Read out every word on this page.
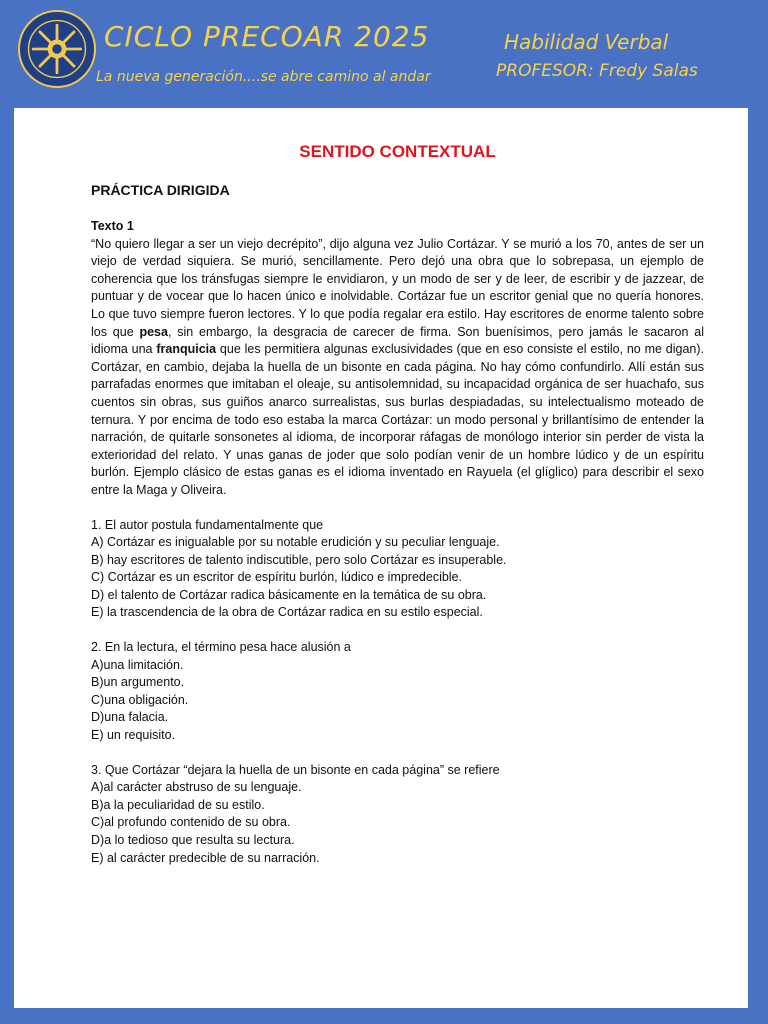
CICLO PRECOAR 2025
La nueva generación....se abre camino al andar
Habilidad Verbal
PROFESOR: Fredy Salas
SENTIDO CONTEXTUAL
PRÁCTICA DIRIGIDA

Texto 1

“No quiero llegar a ser un viejo decrépito”, dijo alguna vez Julio Cortázar. Y se murió a los 70, antes de ser un viejo de verdad siquiera. Se murió, sencillamente. Pero dejó una obra que lo sobrepasa, un ejemplo de coherencia que los tránsfugas siempre le envidiaron, y un modo de ser y de leer, de escribir y de jazzear, de puntuar y de vocear que lo hacen único e inolvidable. Cortázar fue un escritor genial que no quería honores. Lo que tuvo siempre fueron lectores. Y lo que podía regalar era estilo. Hay escritores de enorme talento sobre los que pesa, sin embargo, la desgracia de carecer de firma. Son buenísimos, pero jamás le sacaron al idioma una franquicia que les permitiera algunas exclusividades (que en eso consiste el estilo, no me digan). Cortázar, en cambio, dejaba la huella de un bisonte en cada página. No hay cómo confundirlo. Allí están sus parrafadas enormes que imitaban el oleaje, su antisolemnidad, su incapacidad orgánica de ser huachafo, sus cuentos sin obras, sus guiños anarco surrealistas, sus burlas despiadadas, su intelectualismo moteado de ternura. Y por encima de todo eso estaba la marca Cortázar: un modo personal y brillantísimo de entender la narración, de quitarle sonsonetes al idioma, de incorporar ráfagas de monólogo interior sin perder de vista la exterioridad del relato. Y unas ganas de joder que solo podían venir de un hombre lúdico y de un espíritu burlón. Ejemplo clásico de estas ganas es el idioma inventado en Rayuela (el glíglico) para describir el sexo entre la Maga y Oliveira.

1. El autor postula fundamentalmente que

A) Cortázar es inigualable por su notable erudición y su peculiar lenguaje.

B) hay escritores de talento indiscutible, pero solo Cortázar es insuperable.

C) Cortázar es un escritor de espíritu burlón, lúdico e impredecible.

D) el talento de Cortázar radica básicamente en la temática de su obra.

E) la trascendencia de la obra de Cortázar radica en su estilo especial.

2. En la lectura, el término pesa hace alusión a

A)una limitación.

B)un argumento.

C)una obligación.

D)una falacia.

E) un requisito.

3. Que Cortázar “dejara la huella de un bisonte en cada página” se refiere

A)al carácter abstruso de su lenguaje.

B)a la peculiaridad de su estilo.

C)al profundo contenido de su obra.

D)a lo tedioso que resulta su lectura.

E) al carácter predecible de su narración.
